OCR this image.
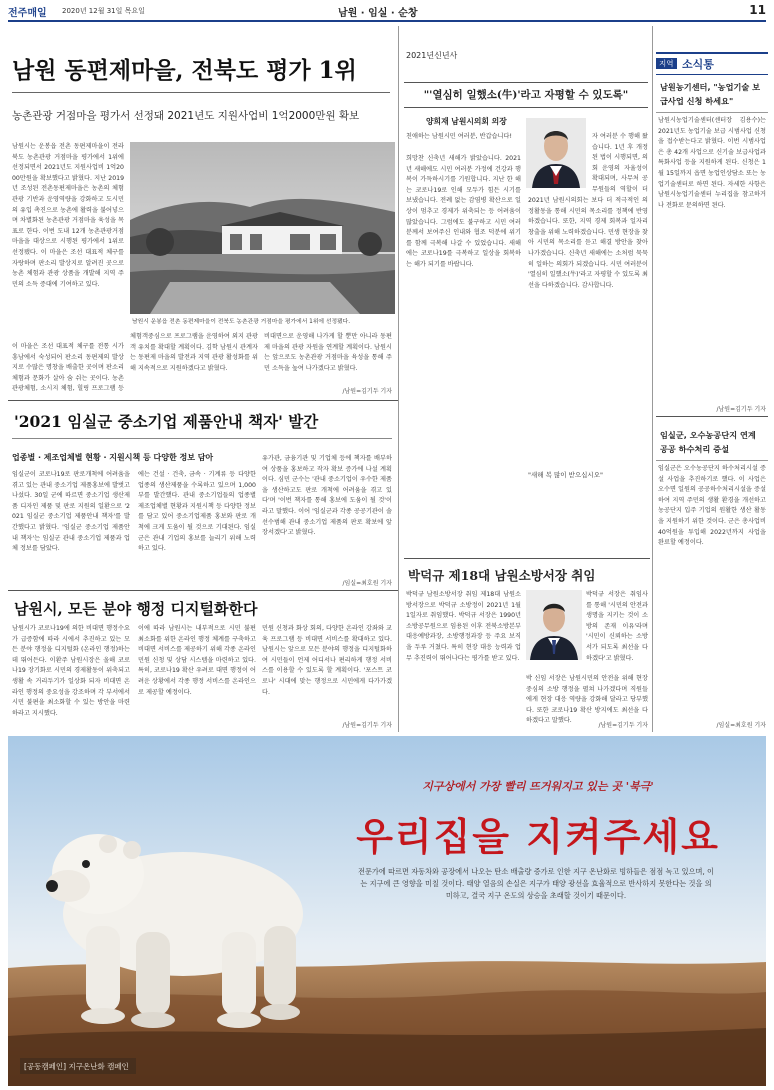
전주매일 2020년 12월 31일 목요일	남원 · 임실 · 순창	11
남원 동편제마을, 전북도 평가 1위
농촌관광 거점마을 평가서 선정돼 2021년도 지원사업비 1억2000만원 확보
남원시는 운봉읍 전촌 동편제마을이 전라북도 농촌관광 거점마을 평가에서 1위에 선정되면서 2021년도 지원사업비 1억2000만원을 확보했다고 밝혔다. 지난 2019년 조성된 전촌동편제마을은 농촌의 체험관광 기반과 운영역량을 강화하고 도시민의 유입 촉진으로 농촌에 활력을 불어넣으며 차별화된 농촌관광 거점마을 육성을 목표로 한다. 이번 도내 12개 농촌관광거점마을을 대상으로 시행된 평가에서 1위로 선정됐다. 이 마을은 조선 대표적 체구를 자랑하며 판소리 발상지로 알려진 곳으로 농촌 체험과 관광 상품을 개발해 지역 주민의 소득 증대에 기여하고 있다.
남원시 운봉읍 전촌 동편제마을이 전북도 농촌관광 거점마을 평가에서 1위에 선정됐다.
체험객중심으로 프로그램을 운영하여 외지 관광객 유치를 확대할 계획이다. 김학 남원시 관계자는 동편제 마을의 발전과 지역 관광 활성화를 위해 지속적으로 지원하겠다고 밝혔다.
비대면으로 운영해 나가게 할 뿐만 아니라 동편제 마을의 관광 자원을 연계할 계획이다. 남원시는 앞으로도 농촌관광 거점마을 육성을 통해 주민 소득을 높여 나가겠다고 밝혔다.
이 마을은 조선 대표적 체구를 전통 시가 흥남에서 숙성되어 판소리 동편제의 발상지로 수많은 명창을 배출한 곳이며 판소리 체험과 문화가 살아 숨 쉬는 곳이다. 농촌관광체험, 소시지 체험, 힐링 프로그램 등	/남원=김기두 기자
'2021 임실군 중소기업 제품안내 책자' 발간
업종별 · 제조업체별 현황 · 지원시책 등 다양한 정보 담아
임실군이 코로나19로 판로개척에 어려움을 겪고 있는 관내 중소기업 제품홍보에 발벗고 나섰다. 30일 군에 따르면 중소기업 생산제품 디자인 제품 및 판로 지원의 일환으로 '2021 임실군 중소기업 제품안내 책자'를 발간했다고 밝혔다. '임실군 중소기업 제품안내 책자'는 임실군 관내 중소기업 제품과 업체 정보를 담았다.
에는 건설 · 건축, 금속 · 기계류 등 다양한 업종의 생산제품을 수록하고 있으며 1,000부를 발간했다. 관내 중소기업들의 업종별 제조업체별 현황과 지원시책 등 다양한 정보를 담고 있어 중소기업제품 홍보와 판로 개척에 크게 도움이 될 것으로 기대된다. 임실군은 관내 기업의 홍보를 늘리기 위해 노력하고 있다.
유가관, 금융기관 및 기업체 등에 책자를 배부하여 상품을 홍보하고 작자 확보 증가에 나설 계획이다. 심민 군수는 '관내 중소기업이 우수한 제품을 생산하고도 판로 개척에 어려움을 겪고 있다'며 '이번 책자를 통해 홍보에 도움이 될 것'이라고 말했다. 이어 '임실군과 각종 공공기관이 솔선수범해 관내 중소기업 제품의 판로 확보에 앞장서겠다'고 밝혔다.
/임실=최호원 기자
남원시, 모든 분야 행정 디지털화한다
남원시가 코로나19에 의한 비대면 행정수요가 급증함에 따라 시에서 추진하고 있는 모든 분야 행정을 디지털화 (온라인 행정)하는데 뛰어든다. 이환주 남원시장은 올해 코로나19 장기화로 시민의 경제활동이 위축되고 생활 속 거리두기가 일상화 되자 비대면 온라인 행정의 중요성을 강조하며 각 부서에서 시민 불편을 최소화할 수 있는 방안을 마련하라고 지시했다.
이에 따라 남원시는 내부적으로 시민 불편 최소화를 위한 온라인 행정 체계를 구축하고 비대면 서비스를 제공하기 위해 각종 온라인 민원 신청 및 상담 시스템을 마련하고 있다. 특히, 코로나19 확산 우려로 대면 행정이 어려운 상황에서 각종 행정 서비스를 온라인으로 제공할 예정이다.
민원 신청과 화상 회의, 다양한 온라인 강좌와 교육 프로그램 등 비대면 서비스를 확대하고 있다. 남원시는 앞으로 모든 분야의 행정을 디지털화하여 시민들이 언제 어디서나 편리하게 행정 서비스를 이용할 수 있도록 할 계획이다. '포스트 코로나' 시대에 맞는 행정으로 시민에게 다가가겠다.
/남원=김기두 기자
2021년신년사
"'열심히 일했소(牛)'라고 자평할 수 있도록"
양희재 남원시의회 의장
친애하는 남원시민 여러분, 반갑습니다!
희망찬 신축년 새해가 밝았습니다. 2021년 새해에도 시민 여러분 가정에 건강과 행복이 가득하시기를 기원합니다. 지난 한 해는 코로나19로 인해 모두가 힘든 시기를 보냈습니다. 전례 없는 감염병 확산으로 일상이 멈추고 경제가 위축되는 등 어려움이 많았습니다. 그럼에도 불구하고 시민 여러분께서 보여주신 인내와 협조 덕분에 위기를 함께 극복해 나갈 수 있었습니다. 새해에는 코로나19를 극복하고 일상을 회복하는 해가 되기를 바랍니다.
자 여러분 수 행해 왔습니다. 1년 후 개정된 법이 시행되면, 의회 운영의 자율성이 확대되며, 사무처 공무원들의 역할이 더
2021년 남원시의회는 보다 더 적극적인 의정활동을 통해 시민의 목소리를 정책에 반영하겠습니다. 또한, 지역 경제 회복과 일자리 창출을 위해 노력하겠습니다. 민생 현장을 찾아 시민의 목소리를 듣고 해결 방안을 찾아 나가겠습니다. 신축년 새해에는 소처럼 묵묵히 일하는 의회가 되겠습니다. 시민 여러분이 '열심히 일했소(牛)'라고 자평할 수 있도록 최선을 다하겠습니다. 감사합니다.
"새해 복 많이 받으십시오"
박덕규 제18대 남원소방서장 취임
박덕규 남원소방서장 취임 제18대 남원소방서장으로 박덕규 소방정이 2021년 1월 1일자로 취임했다. 박덕규 서장은 1990년 소방공무원으로 임용된 이후 전북소방본부 대응예방과장, 소방행정과장 등 주요 보직을 두루 거쳤다. 특히 현장 대응 능력과 업무 추진력이 뛰어나다는 평가를 받고 있다.
박덕규 서장은 취임사를 통해 '시민의 안전과 생명을 지키는 것이 소방의 존재 이유'라며 '시민이 신뢰하는 소방서가 되도록 최선을 다하겠다'고 밝혔다.
박 신임 서장은 남원시민의 안전을 위해 현장 중심의 소방 행정을 펼쳐 나가겠다며 직원들에게 현장 대응 역량을 강화해 달라고 당부했다. 또한 코로나19 확산 방지에도 최선을 다하겠다고 말했다.
/남원=김기두 기자
지역 소식통
남원농기센터, "농업기술 보급사업 신청 하세요"
남원시농업기술센터(센터장 김용수)는 2021년도 농업기술 보급 시범사업 신청을 접수받는다고 밝혔다. 이번 시범사업은 총 42개 사업으로 신기술 보급사업과 특화사업 등을 지원하게 된다. 신청은 1월 15일까지 읍면 농업인상담소 또는 농업기술센터로 하면 된다. 자세한 사항은 남원시농업기술센터 누리집을 참고하거나 전화로 문의하면 된다.
/남원=김기두 기자
임실군, 오수농공단지 연계 공공 하수처리 증설
임실군은 오수농공단지 하수처리시설 증설 사업을 추진하기로 했다. 이 사업은 오수면 일원의 공공하수처리시설을 증설하여 지역 주민의 생활 환경을 개선하고 농공단지 입주 기업의 원활한 생산 활동을 지원하기 위한 것이다. 군은 총사업비 40억원을 투입해 2022년까지 사업을 완료할 예정이다.
/임실=최호원 기자
지구상에서 가장 빨리 뜨거워지고 있는 곳 '북극'
우리집을 지켜주세요
전문가에 따르면 자동차와 공장에서 나오는 탄소 배출량 증가로 인한 지구 온난화로 빙하들은 점점 녹고 있으며, 이는 지구에 큰 영향을 미칠 것이다. 태양 열음의 손실은 지구가 태양 광선을 효율적으로 반사하지 못한다는 것을 의미하고, 결국 지구 온도의 상승을 초래할 것이기 때문이다.
[공동캠페인] 지구온난화 캠페인
